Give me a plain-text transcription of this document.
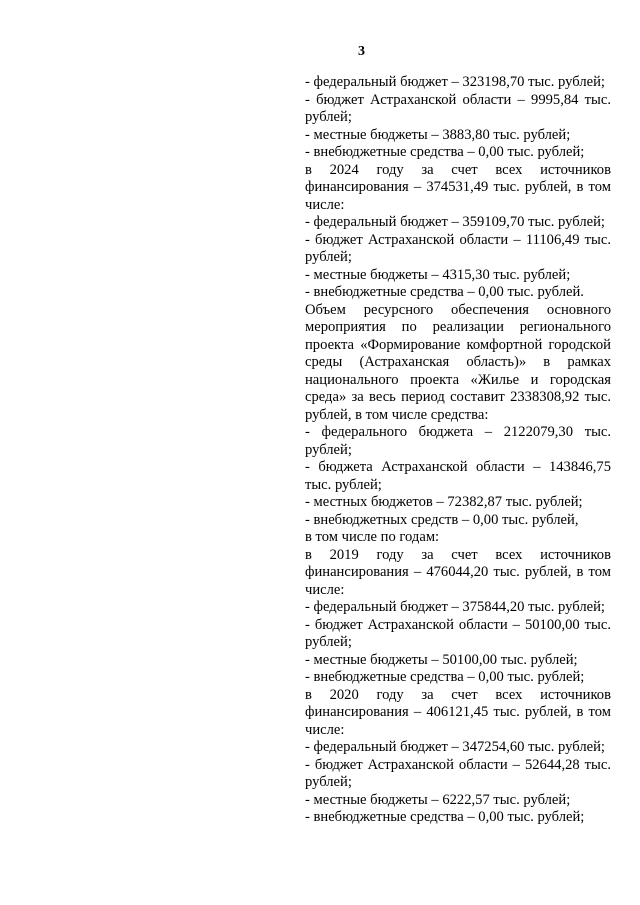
3
- федеральный бюджет – 323198,70 тыс. рублей;
- бюджет Астраханской области – 9995,84 тыс. рублей;
- местные бюджеты – 3883,80 тыс. рублей;
- внебюджетные средства – 0,00 тыс. рублей;
в 2024 году за счет всех источников финансирования – 374531,49 тыс. рублей, в том числе:
- федеральный бюджет – 359109,70 тыс. рублей;
- бюджет Астраханской области – 11106,49 тыс. рублей;
- местные бюджеты – 4315,30 тыс. рублей;
- внебюджетные средства – 0,00 тыс. рублей.
Объем ресурсного обеспечения основного мероприятия по реализации регионального проекта «Формирование комфортной городской среды (Астраханская область)» в рамках национального проекта «Жилье и городская среда» за весь период составит 2338308,92 тыс. рублей, в том числе средства:
- федерального бюджета – 2122079,30 тыс. рублей;
- бюджета Астраханской области – 143846,75 тыс. рублей;
- местных бюджетов – 72382,87 тыс. рублей;
- внебюджетных средств – 0,00 тыс. рублей,
в том числе по годам:
в 2019 году за счет всех источников финансирования – 476044,20 тыс. рублей, в том числе:
- федеральный бюджет – 375844,20 тыс. рублей;
- бюджет Астраханской области – 50100,00 тыс. рублей;
- местные бюджеты – 50100,00 тыс. рублей;
- внебюджетные средства – 0,00 тыс. рублей;
в 2020 году за счет всех источников финансирования – 406121,45 тыс. рублей, в том числе:
- федеральный бюджет – 347254,60 тыс. рублей;
- бюджет Астраханской области – 52644,28 тыс. рублей;
- местные бюджеты – 6222,57 тыс. рублей;
- внебюджетные средства – 0,00 тыс. рублей;
